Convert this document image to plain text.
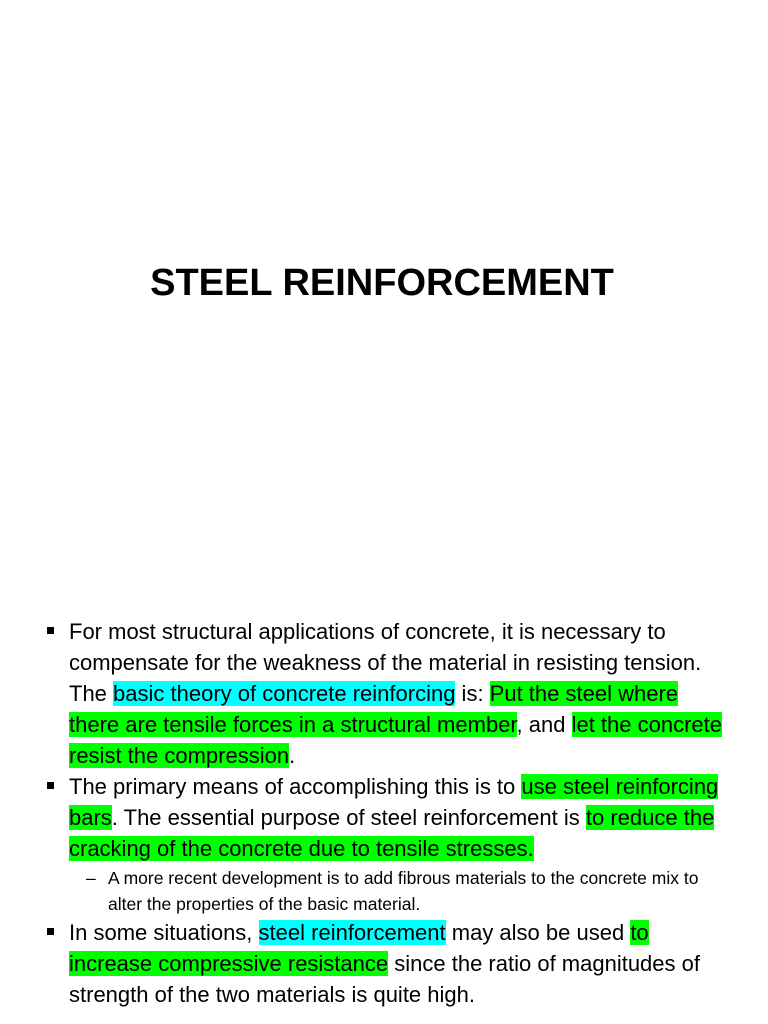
STEEL REINFORCEMENT
For most structural applications of concrete, it is necessary to compensate for the weakness of the material in resisting tension. The basic theory of concrete reinforcing is: Put the steel where there are tensile forces in a structural member, and let the concrete resist the compression.
The primary means of accomplishing this is to use steel reinforcing bars. The essential purpose of steel reinforcement is to reduce the cracking of the concrete due to tensile stresses.
– A more recent development is to add fibrous materials to the concrete mix to alter the properties of the basic material.
In some situations, steel reinforcement may also be used to increase compressive resistance since the ratio of magnitudes of strength of the two materials is quite high.
